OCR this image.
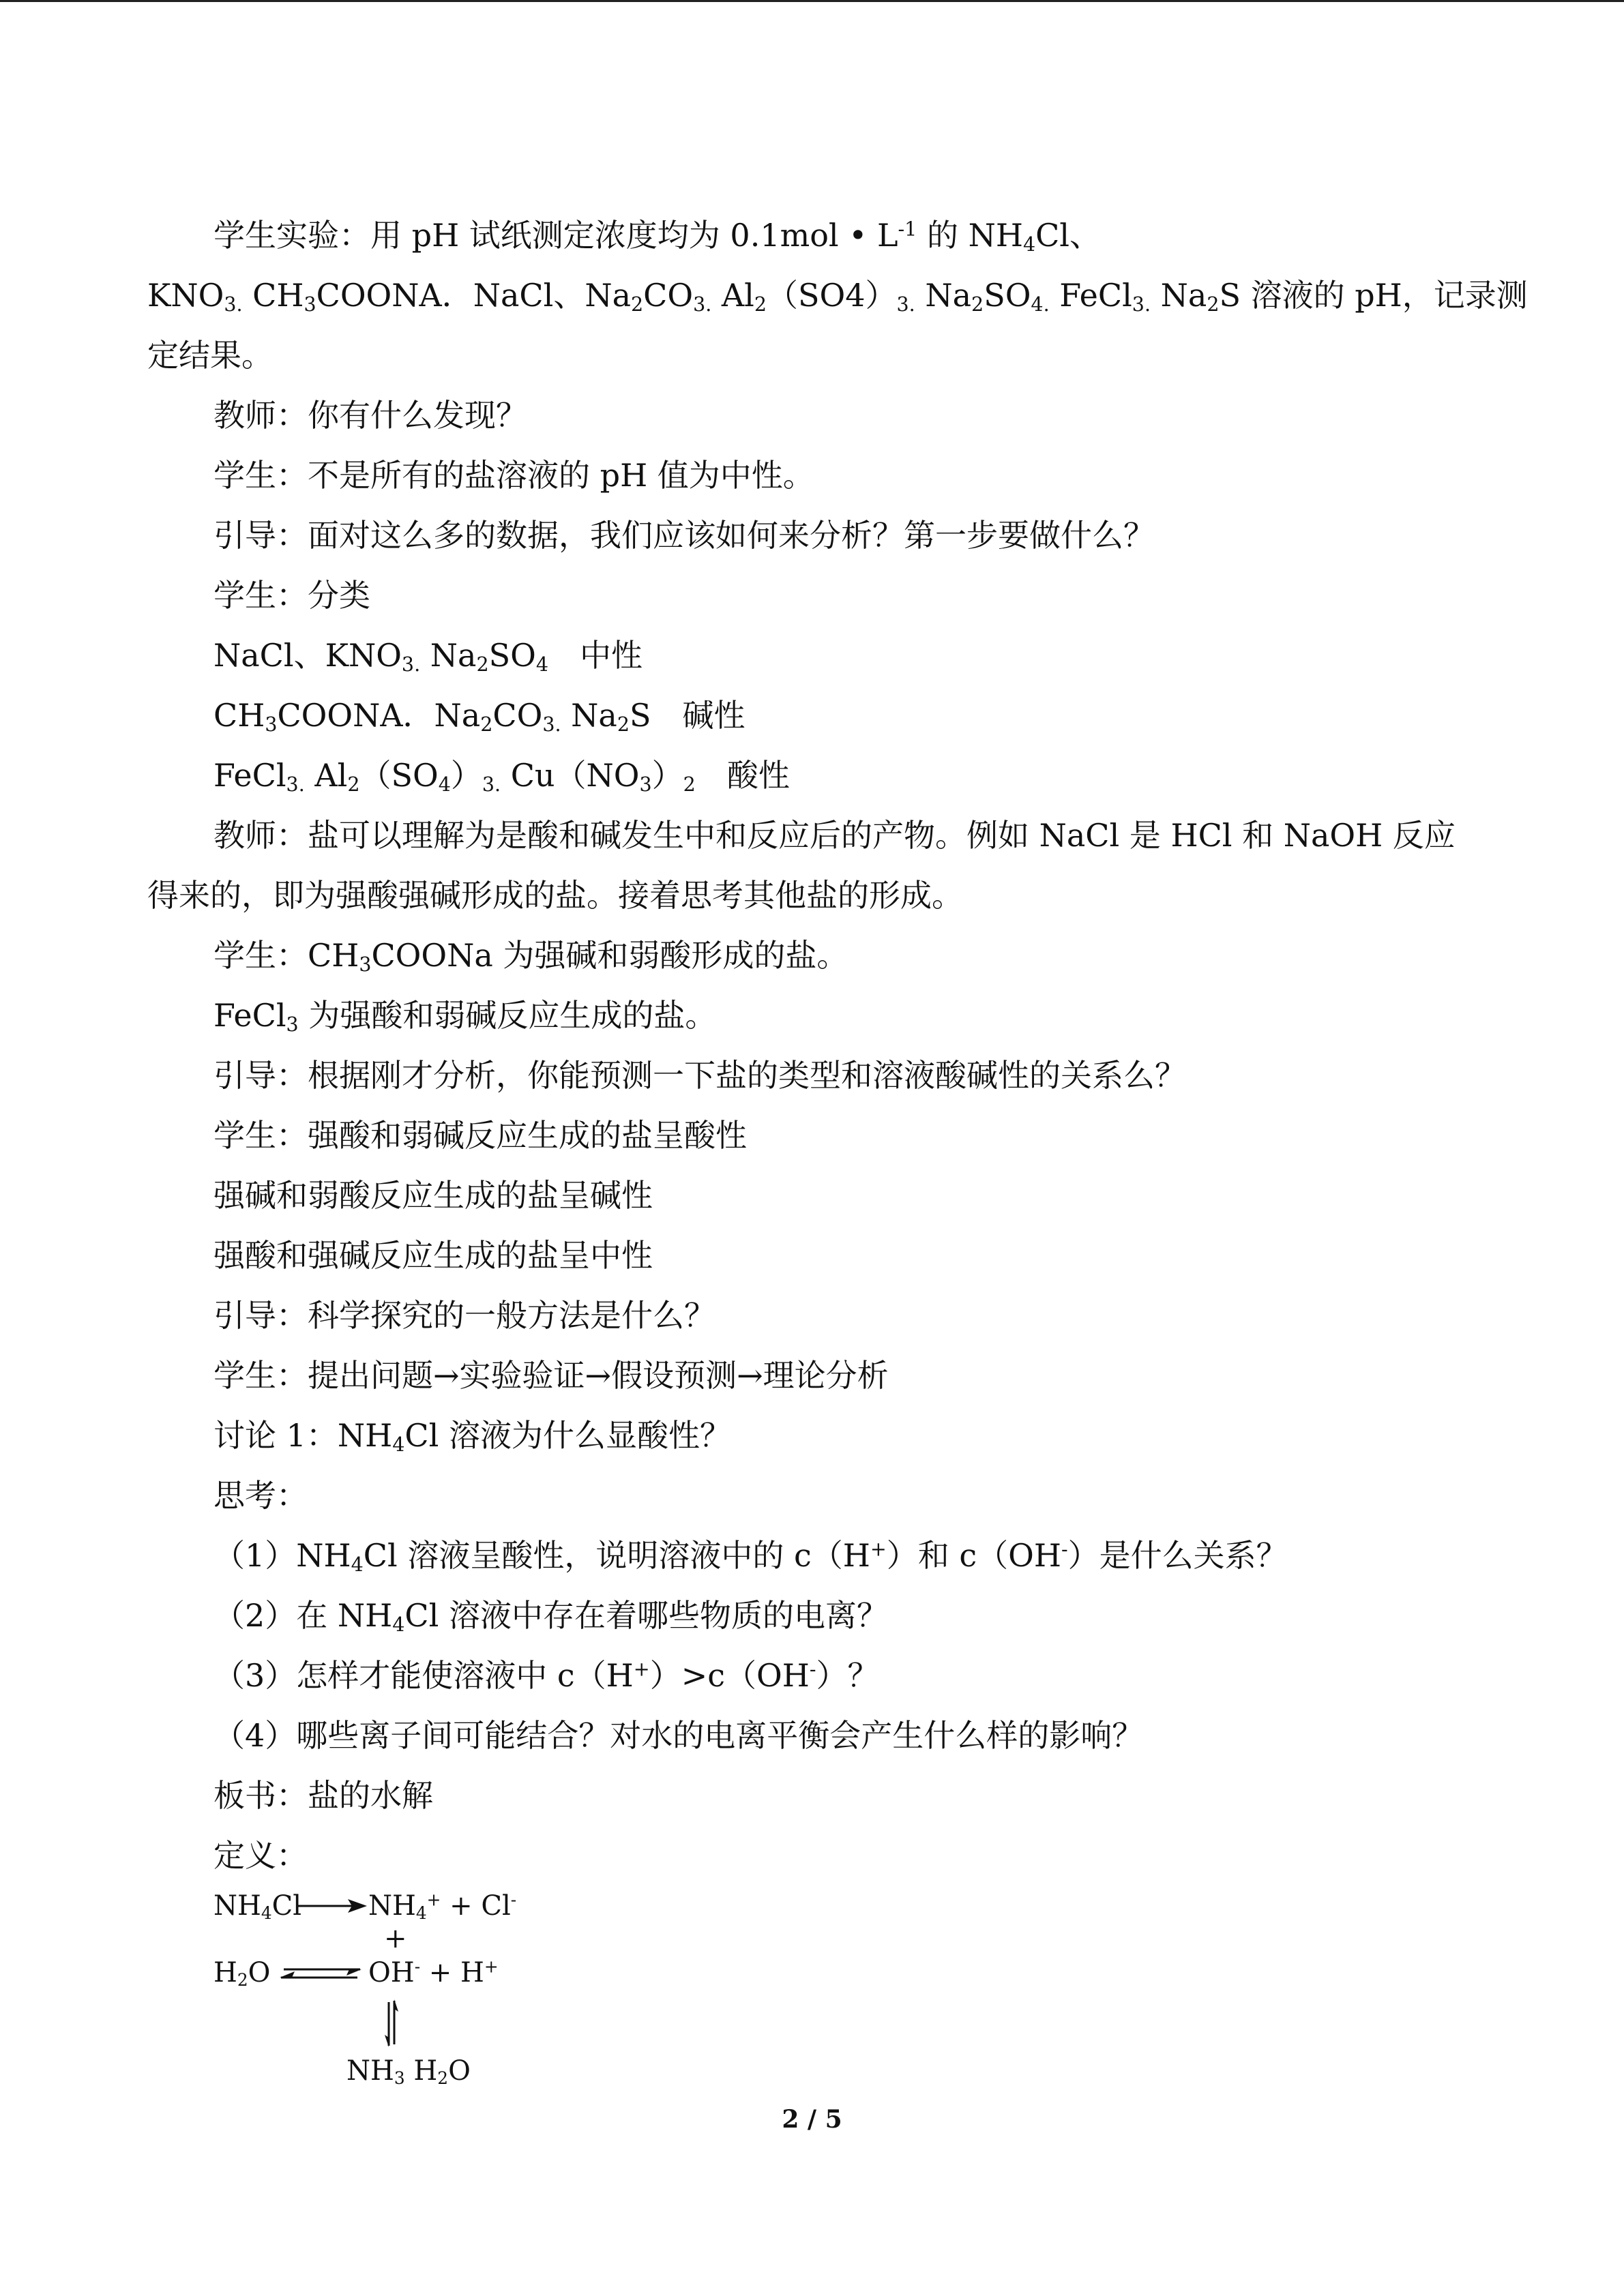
学生实验：用 pH 试纸测定浓度均为 0.1mol • $L^{-1}$ 的 $NH_4Cl$、
$KNO_{3.}$ $CH_3COONA$．NaCl、$Na_2CO_{3.}$ $Al_2(SO4)_{3.}$ $Na_2SO_{4.}$ FeCl$_{3.}$ $Na_2S$ 溶液的 pH，记录测
定结果。
教师：你有什么发现？
学生：不是所有的盐溶液的 pH 值为中性。
引导：面对这么多的数据，我们应该如何来分析？第一步要做什么？
学生：分类
NaCl、$KNO_{3.}$ $Na_2SO_4$　中性
$CH_3COONA$．$Na_2CO_{3.}$ $Na_2S$　碱性
FeCl$_{3.}$ $Al_2(SO_4)_{3.}$ $Cu(NO_3)_2$　酸性
教师：盐可以理解为是酸和碱发生中和反应后的产物。例如 NaCl 是 HCl 和 NaOH 反应
得来的，即为强酸强碱形成的盐。接着思考其他盐的形成。
学生：$CH_3COONa$ 为强碱和弱酸形成的盐。
FeCl$_3$ 为强酸和弱碱反应生成的盐。
引导：根据刚才分析，你能预测一下盐的类型和溶液酸碱性的关系么？
学生：强酸和弱碱反应生成的盐呈酸性
强碱和弱酸反应生成的盐呈碱性
强酸和强碱反应生成的盐呈中性
引导：科学探究的一般方法是什么？
学生：提出问题→实验验证→假设预测→理论分析
讨论 1：$NH_4Cl$ 溶液为什么显酸性？
思考：
$(1)NH_4Cl$ 溶液呈酸性，说明溶液中的 c（H+）和 c（OH-）是什么关系？
（2）在 $NH_4Cl$ 溶液中存在着哪些物质的电离？
（3）怎样才能使溶液中 c（H+）>c（OH-）？
（4）哪些离子间可能结合？对水的电离平衡会产生什么样的影响？
板书：盐的水解
定义：
$NH_4Cl$ $NH_4^+ + Cl^-$
+
$H_2O$ ⇌ OH- + H+
$NH_3$ $H_2O$
2 / 5
